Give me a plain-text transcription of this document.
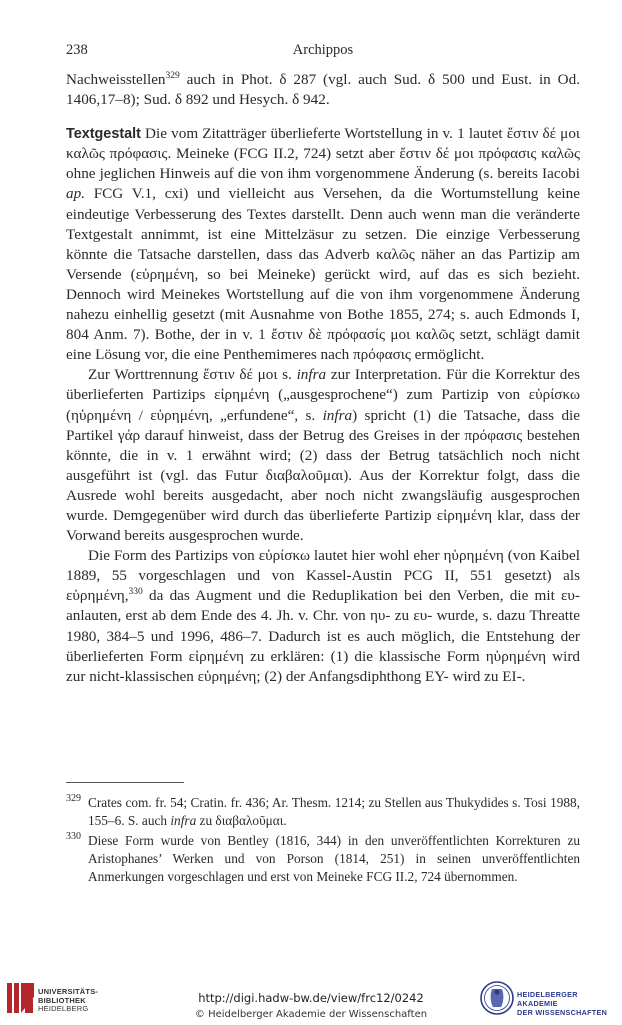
238	Archippos

Nachweisstellen$^{329}$ auch in Phot. δ 287 (vgl. auch Sud. δ 500 und Eust. in Od. 1406,17–8); Sud. δ 892 und Hesych. δ 942.

Textgestalt Die vom Zitatträger überlieferte Wortstellung in v. 1 lautet ἔστιν δέ μοι καλῶς πρόφασις. Meineke (FCG II.2, 724) setzt aber ἔστιν δέ μοι πρόφασις καλῶς ohne jeglichen Hinweis auf die von ihm vorgenommene Änderung (s. bereits Iacobi ap. FCG V.1, cxi) und vielleicht aus Versehen, da die Wortumstellung keine eindeutige Verbesserung des Textes darstellt. Denn auch wenn man die veränderte Textgestalt annimmt, ist eine Mittelzäsur zu setzen. Die einzige Verbesserung könnte die Tatsache darstellen, dass das Adverb καλῶς näher an das Partizip am Versende (εὑρημένη, so bei Meineke) gerückt wird, auf das es sich bezieht. Dennoch wird Meinekes Wortstellung auf die von ihm vorgenommene Änderung nahezu einhellig gesetzt (mit Ausnahme von Bothe 1855, 274; s. auch Edmonds I, 804 Anm. 7). Bothe, der in v. 1 ἔστιν δὲ πρόφασίς μοι καλῶς setzt, schlägt damit eine Lösung vor, die eine Penthemimeres nach πρόφασις ermöglicht.

Zur Worttrennung ἔστιν δέ μοι s. infra zur Interpretation. Für die Korrektur des überlieferten Partizips εἰρημένη („ausgesprochene“) zum Partizip von εὑρίσκω (ηὑρημένη / εὑρημένη, „erfundene“, s. infra) spricht (1) die Tatsache, dass die Partikel γάρ darauf hinweist, dass der Betrug des Greises in der πρόφασις bestehen könnte, die in v. 1 erwähnt wird; (2) dass der Betrug tatsächlich noch nicht ausgeführt ist (vgl. das Futur διαβαλοῦμαι). Aus der Korrektur folgt, dass die Ausrede wohl bereits ausgedacht, aber noch nicht zwangsläufig ausgesprochen wurde. Demgegenüber wird durch das überlieferte Partizip εἰρημένη klar, dass der Vorwand bereits ausgesprochen wurde.

Die Form des Partizips von εὑρίσκω lautet hier wohl eher ηὑρημένη (von Kaibel 1889, 55 vorgeschlagen und von Kassel-Austin PCG II, 551 gesetzt) als εὑρημένη,$^{330}$ da das Augment und die Reduplikation bei den Verben, die mit ευ- anlauten, erst ab dem Ende des 4. Jh. v. Chr. von ηυ- zu ευ- wurde, s. dazu Threatte 1980, 384–5 und 1996, 486–7. Dadurch ist es auch möglich, die Entstehung der überlieferten Form εἰρημένη zu erklären: (1) die klassische Form ηὑρημένη wird zur nicht-klassischen εὑρημένη; (2) der Anfangsdiphthong EY- wird zu EI-.

329 Crates com. fr. 54; Cratin. fr. 436; Ar. Thesm. 1214; zu Stellen aus Thukydides s. Tosi 1988, 155–6. S. auch infra zu διαβαλοῦμαι.

330 Diese Form wurde von Bentley (1816, 344) in den unveröffentlichten Korrekturen zu Aristophanes’ Werken und von Porson (1814, 251) in seinen unveröffentlichten Anmerkungen vorgeschlagen und erst von Meineke FCG II.2, 724 übernommen.

UNIVERSITÄTS-
BIBLIOTHEK
HEIDELBERG
http://digi.hadw-bw.de/view/frc12/0242
© Heidelberger Akademie der Wissenschaften
HEIDELBERGER AKADEMIE
DER WISSENSCHAFTEN
